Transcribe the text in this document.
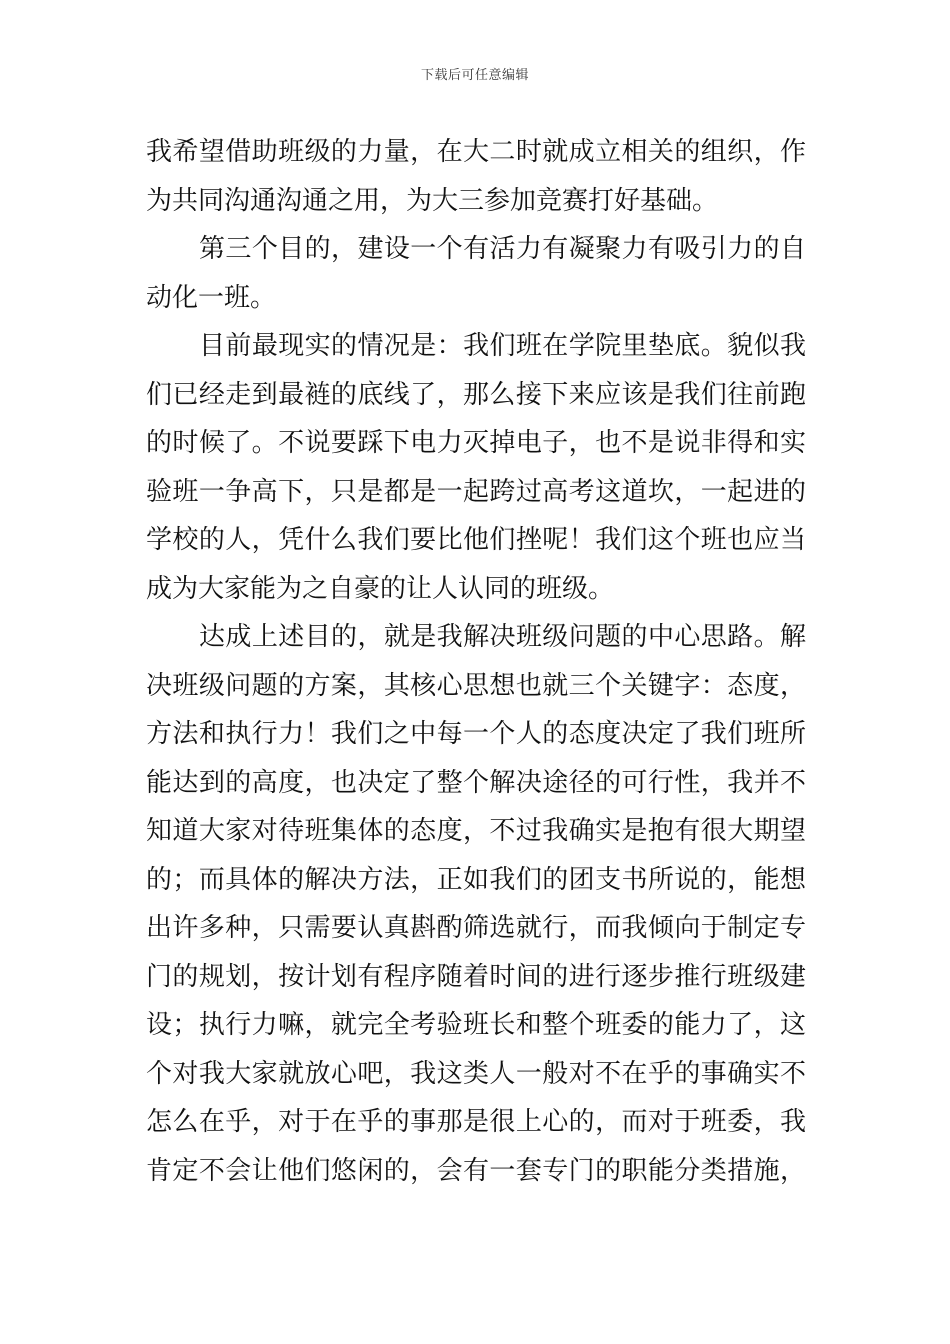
下载后可任意编辑
我希望借助班级的力量，在大二时就成立相关的组织，作
为共同沟通沟通之用，为大三参加竞赛打好基础。
第三个目的，建设一个有活力有凝聚力有吸引力的自
动化一班。
目前最现实的情况是：我们班在学院里垫底。貌似我
们已经走到最裢的底线了，那么接下来应该是我们往前跑
的时候了。不说要踩下电力灭掉电子，也不是说非得和实
验班一争高下，只是都是一起跨过高考这道坎，一起进的
学校的人，凭什么我们要比他们挫呢！我们这个班也应当
成为大家能为之自豪的让人认同的班级。
达成上述目的，就是我解决班级问题的中心思路。解
决班级问题的方案，其核心思想也就三个关键字：态度，
方法和执行力！我们之中每一个人的态度决定了我们班所
能达到的高度，也决定了整个解决途径的可行性，我并不
知道大家对待班集体的态度，不过我确实是抱有很大期望
的；而具体的解决方法，正如我们的团支书所说的，能想
出许多种，只需要认真斟酌筛选就行，而我倾向于制定专
门的规划，按计划有程序随着时间的进行逐步推行班级建
设；执行力嘛，就完全考验班长和整个班委的能力了，这
个对我大家就放心吧，我这类人一般对不在乎的事确实不
怎么在乎，对于在乎的事那是很上心的，而对于班委，我
肯定不会让他们悠闲的，会有一套专门的职能分类措施，
